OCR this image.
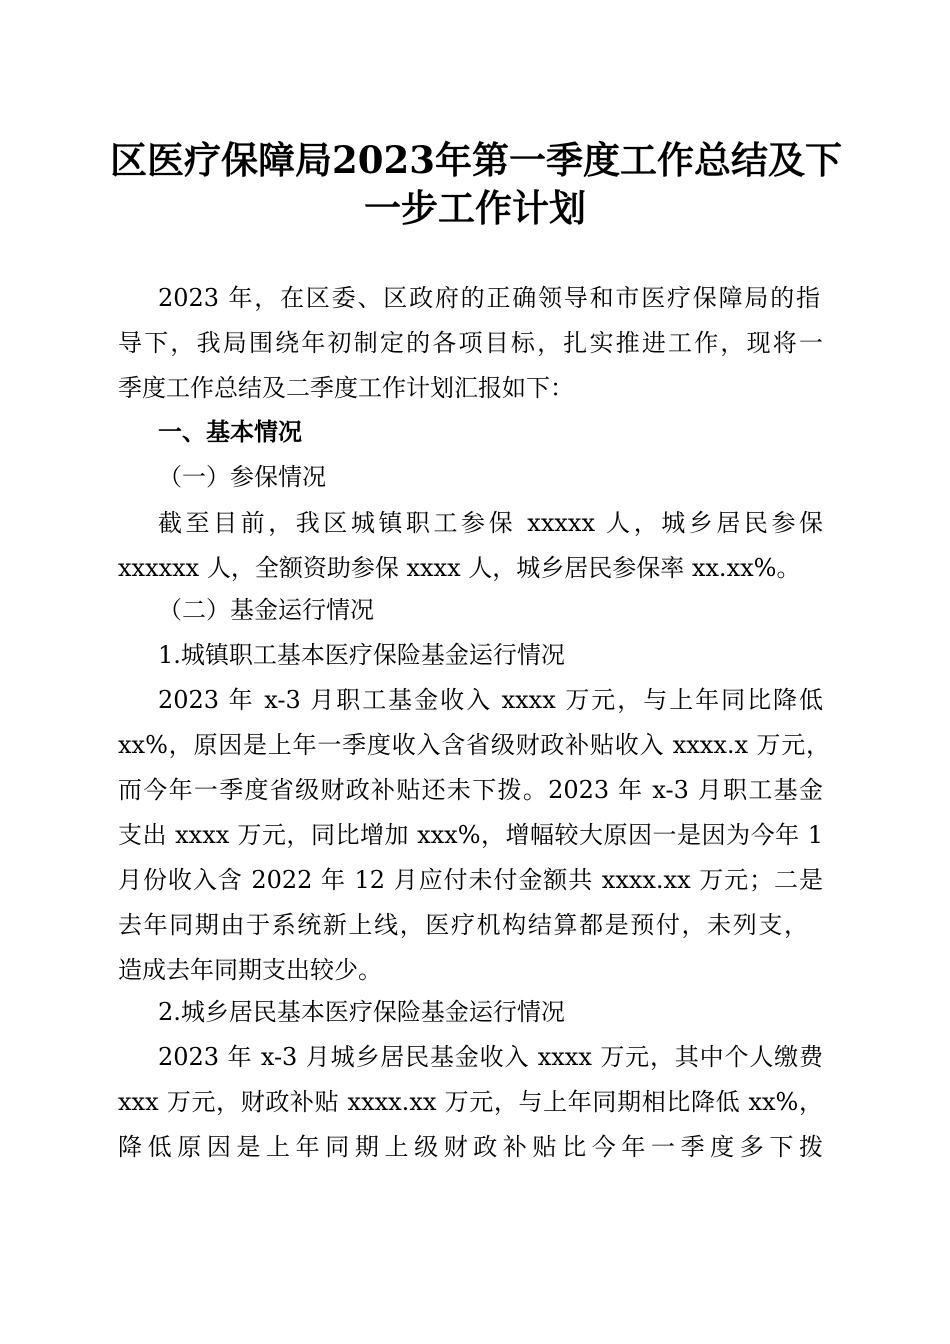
区医疗保障局2023年第一季度工作总结及下
一步工作计划

2023 年，在区委、区政府的正确领导和市医疗保障局的指

导下，我局围绕年初制定的各项目标，扎实推进工作，现将一

季度工作总结及二季度工作计划汇报如下：

一、基本情况

（一）参保情况

截至目前，我区城镇职工参保 xxxxx 人，城乡居民参保

xxxxxx 人，全额资助参保 xxxx 人，城乡居民参保率 xx.xx%。

（二）基金运行情况

1.城镇职工基本医疗保险基金运行情况

2023 年 x-3 月职工基金收入 xxxx 万元，与上年同比降低

xx%，原因是上年一季度收入含省级财政补贴收入 xxxx.x 万元，

而今年一季度省级财政补贴还未下拨。2023 年 x-3 月职工基金

支出 xxxx 万元，同比增加 xxx%，增幅较大原因一是因为今年 1

月份收入含 2022 年 12 月应付未付金额共 xxxx.xx 万元；二是

去年同期由于系统新上线，医疗机构结算都是预付，未列支，

造成去年同期支出较少。

2.城乡居民基本医疗保险基金运行情况

2023 年 x-3 月城乡居民基金收入 xxxx 万元，其中个人缴费

xxx 万元，财政补贴 xxxx.xx 万元，与上年同期相比降低 xx%，

降低原因是上年同期上级财政补贴比今年一季度多下拨
